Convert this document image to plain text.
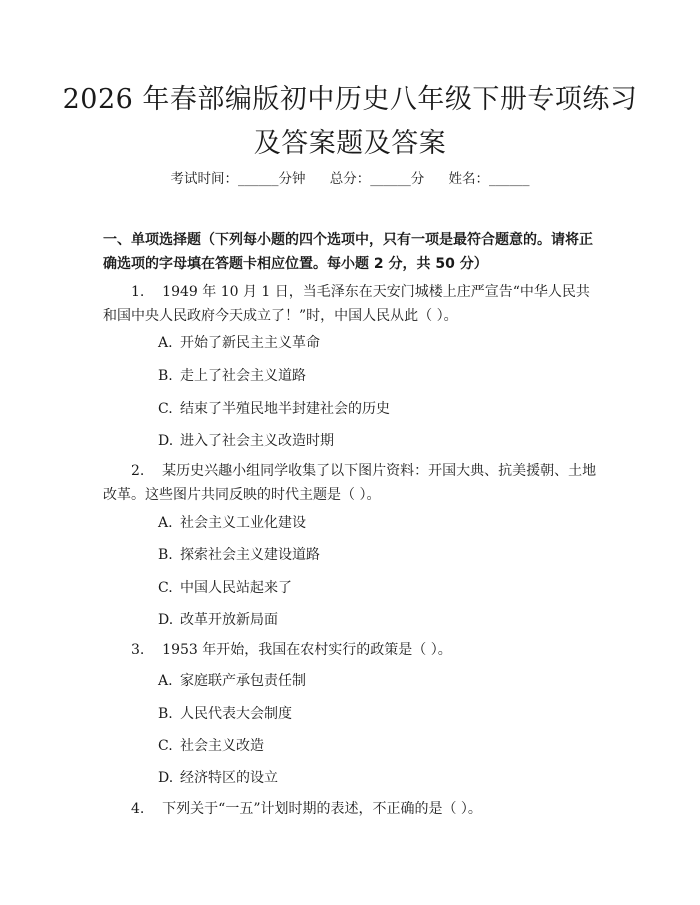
2026 年春部编版初中历史八年级下册专项练习及答案题及答案
考试时间：______分钟 总分：______分 姓名：______
一、单项选择题（下列每小题的四个选项中，只有一项是最符合题意的。请将正确选项的字母填在答题卡相应位置。每小题 2 分，共 50 分）
1. 1949 年 10 月 1 日，当毛泽东在天安门城楼上庄严宣告“中华人民共和国中央人民政府今天成立了！”时，中国人民从此（ ）。
A. 开始了新民主主义革命
B. 走上了社会主义道路
C. 结束了半殖民地半封建社会的历史
D. 进入了社会主义改造时期
2. 某历史兴趣小组同学收集了以下图片资料：开国大典、抗美援朝、土地改革。这些图片共同反映的时代主题是（ ）。
A. 社会主义工业化建设
B. 探索社会主义建设道路
C. 中国人民站起来了
D. 改革开放新局面
3. 1953 年开始，我国在农村实行的政策是（ ）。
A. 家庭联产承包责任制
B. 人民代表大会制度
C. 社会主义改造
D. 经济特区的设立
4. 下列关于“一五”计划时期的表述，不正确的是（ ）。
